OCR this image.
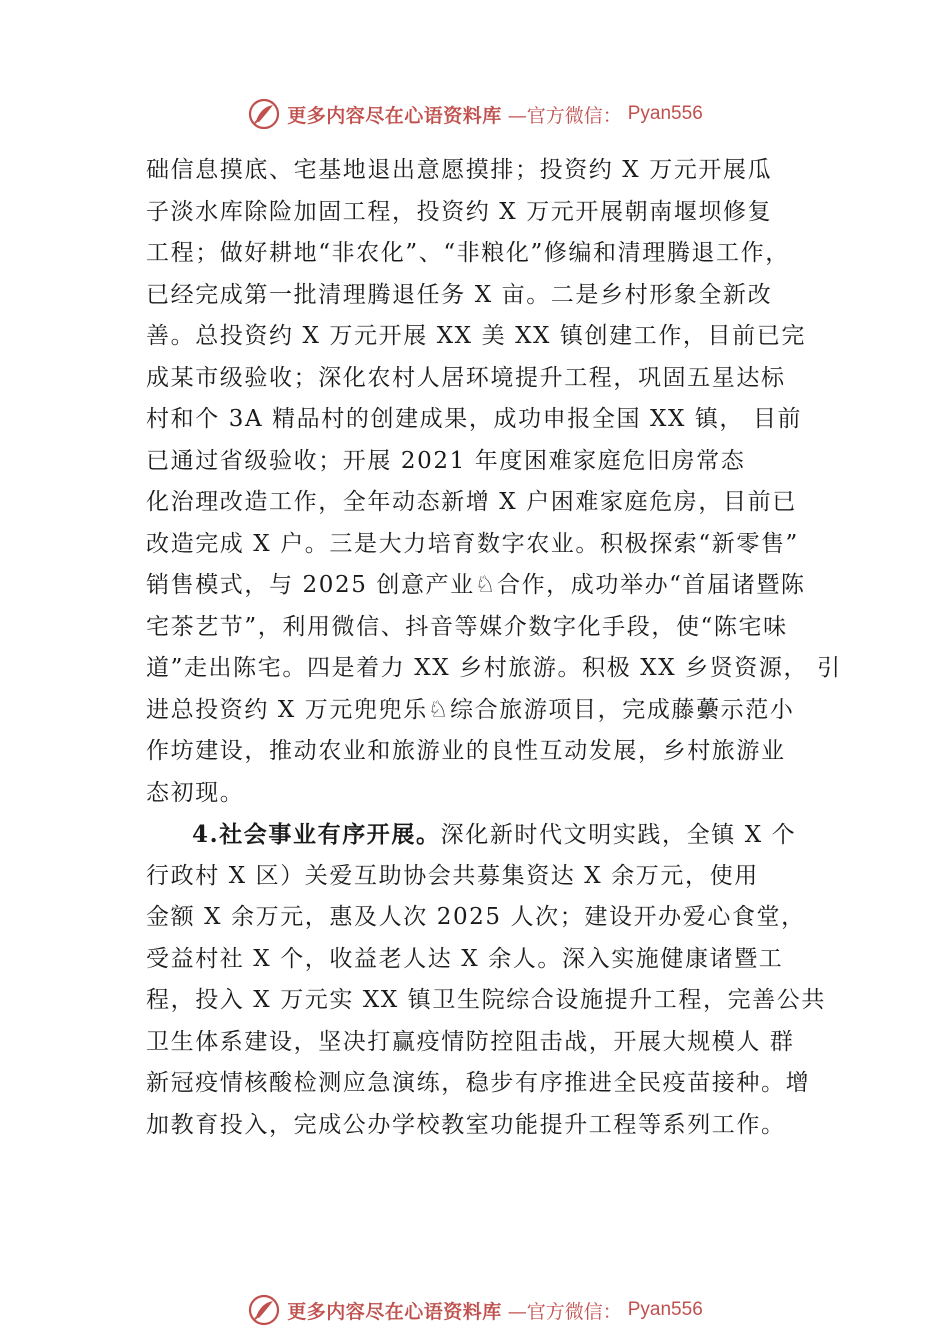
更多内容尽在心语资料库 —官方微信： Pyan556
础信息摸底、宅基地退出意愿摸排；投资约 X 万元开展瓜
子淡水库除险加固工程，投资约 X 万元开展朝南堰坝修复
工程；做好耕地“非农化”、“非粮化”修编和清理腾退工作，
已经完成第一批清理腾退任务 X 亩。二是乡村形象全新改
善。总投资约 X 万元开展 XX 美 XX 镇创建工作，目前已完
成某市级验收；深化农村人居环境提升工程，巩固五星达标
村和个 3A 精品村的创建成果，成功申报全国 XX 镇， 目前
已通过省级验收；开展 2021 年度困难家庭危旧房常态
化治理改造工作，全年动态新增 X 户困难家庭危房，目前已
改造完成 X 户。三是大力培育数字农业。积极探索“新零售”
销售模式，与 2025 创意产业♘合作，成功举办“首届诸暨陈
宅茶艺节”，利用微信、抖音等媒介数字化手段，使“陈宅味
道”走出陈宅。四是着力 XX 乡村旅游。积极 XX 乡贤资源， 引
进总投资约 X 万元兜兜乐♘综合旅游项目，完成藤虆示范小
作坊建设，推动农业和旅游业的良性互动发展，乡村旅游业
态初现。
4.社会事业有序开展。深化新时代文明实践，全镇 X 个
行政村 X 区）关爱互助协会共募集资达 X 余万元，使用
金额 X 余万元，惠及人次 2025 人次；建设开办爱心食堂，
受益村社 X 个，收益老人达 X 余人。深入实施健康诸暨工
程，投入 X 万元实 XX 镇卫生院综合设施提升工程，完善公共
卫生体系建设，坚决打赢疫情防控阻击战，开展大规模人 群
新冠疫情核酸检测应急演练，稳步有序推进全民疫苗接种。增
加教育投入，完成公办学校教室功能提升工程等系列工作。
更多内容尽在心语资料库 —官方微信： Pyan556
